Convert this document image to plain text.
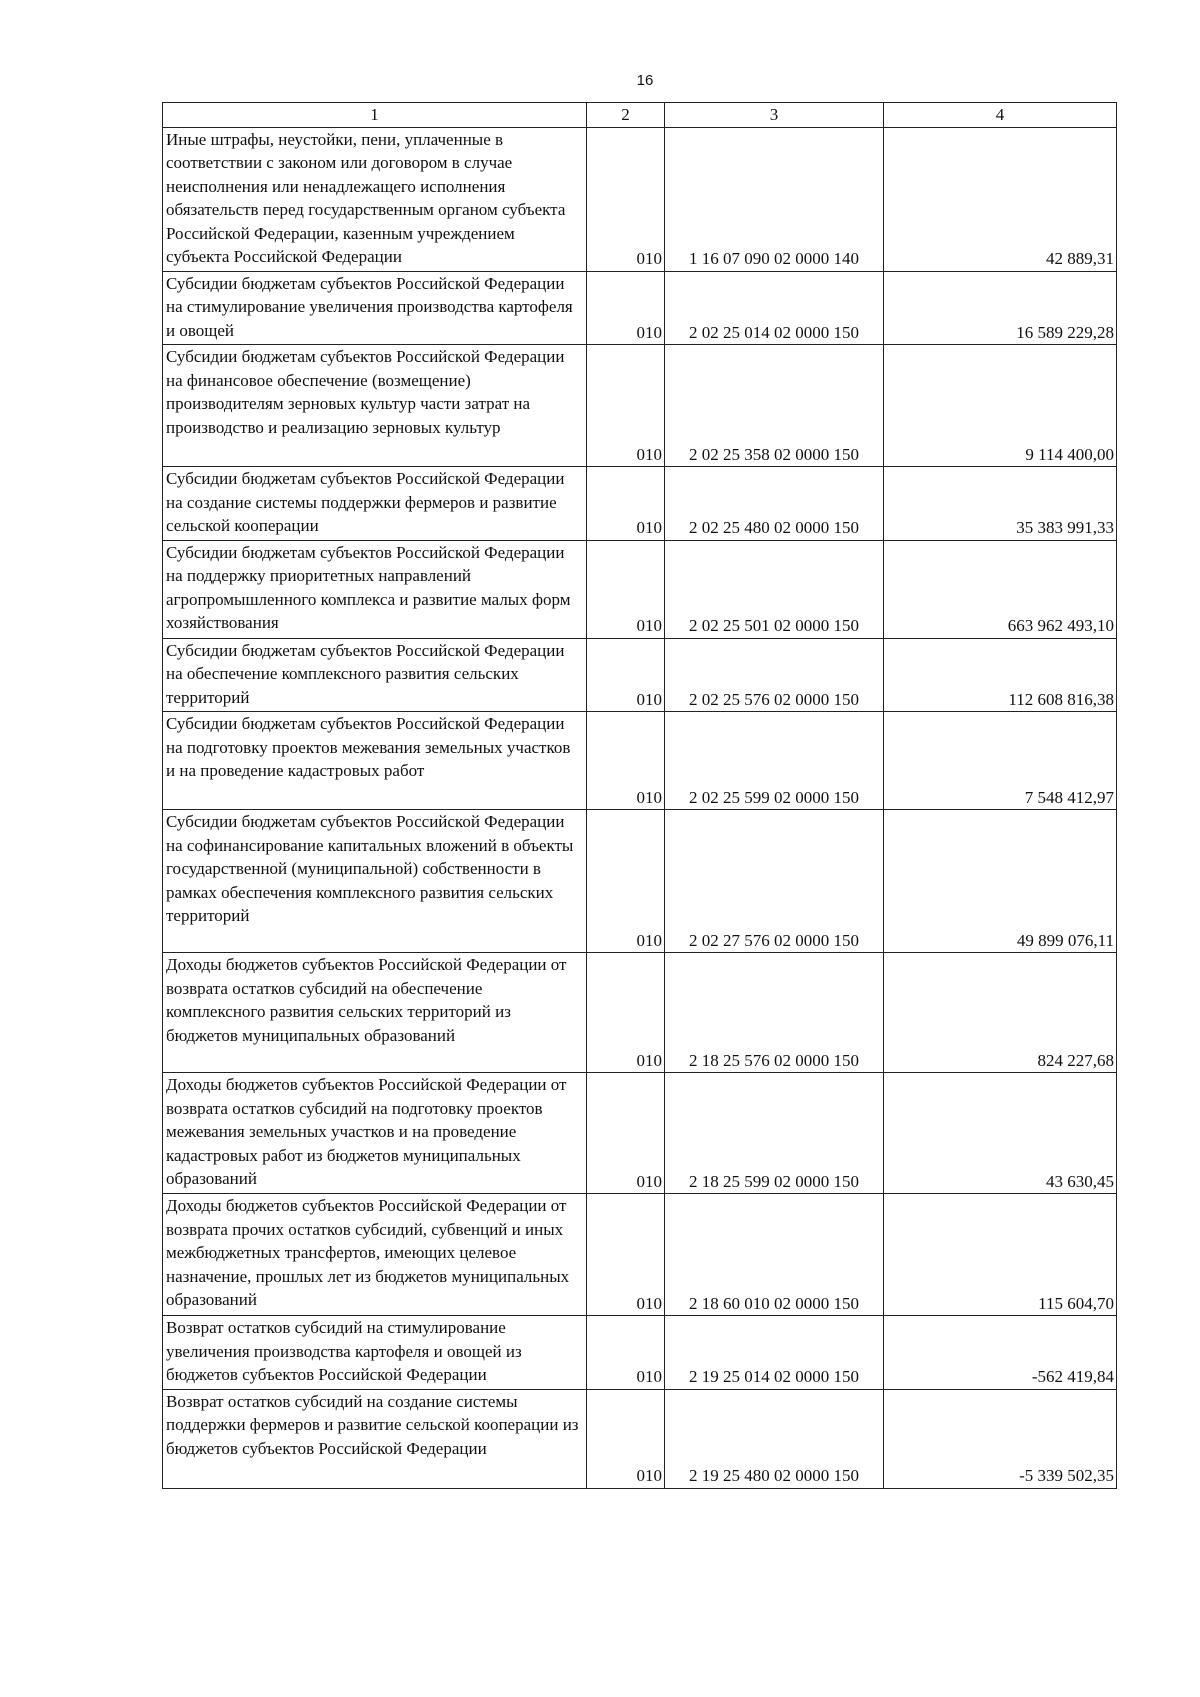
16
1	2	3	4
Иные штрафы, неустойки, пени, уплаченные в соответствии с законом или договором в случае неисполнения или ненадлежащего исполнения обязательств перед государственным органом субъекта Российской Федерации, казенным учреждением субъекта Российской Федерации	010	1 16 07 090 02 0000 140	42 889,31
Субсидии бюджетам субъектов Российской Федерации на стимулирование увеличения производства картофеля и овощей	010	2 02 25 014 02 0000 150	16 589 229,28
Субсидии бюджетам субъектов Российской Федерации на финансовое обеспечение (возмещение) производителям зерновых культур части затрат на производство и реализацию зерновых культур	010	2 02 25 358 02 0000 150	9 114 400,00
Субсидии бюджетам субъектов Российской Федерации на создание системы поддержки фермеров и развитие сельской кооперации	010	2 02 25 480 02 0000 150	35 383 991,33
Субсидии бюджетам субъектов Российской Федерации на поддержку приоритетных направлений агропромышленного комплекса и развитие малых форм хозяйствования	010	2 02 25 501 02 0000 150	663 962 493,10
Субсидии бюджетам субъектов Российской Федерации на обеспечение комплексного развития сельских территорий	010	2 02 25 576 02 0000 150	112 608 816,38
Субсидии бюджетам субъектов Российской Федерации на подготовку проектов межевания земельных участков и на проведение кадастровых работ	010	2 02 25 599 02 0000 150	7 548 412,97
Субсидии бюджетам субъектов Российской Федерации на софинансирование капитальных вложений в объекты государственной (муниципальной) собственности в рамках обеспечения комплексного развития сельских территорий	010	2 02 27 576 02 0000 150	49 899 076,11
Доходы бюджетов субъектов Российской Федерации от возврата остатков субсидий на обеспечение комплексного развития сельских территорий из бюджетов муниципальных образований	010	2 18 25 576 02 0000 150	824 227,68
Доходы бюджетов субъектов Российской Федерации от возврата остатков субсидий на подготовку проектов межевания земельных участков и на проведение кадастровых работ из бюджетов муниципальных образований	010	2 18 25 599 02 0000 150	43 630,45
Доходы бюджетов субъектов Российской Федерации от возврата прочих остатков субсидий, субвенций и иных межбюджетных трансфертов, имеющих целевое назначение, прошлых лет из бюджетов муниципальных образований	010	2 18 60 010 02 0000 150	115 604,70
Возврат остатков субсидий на стимулирование увеличения производства картофеля и овощей из бюджетов субъектов Российской Федерации	010	2 19 25 014 02 0000 150	-562 419,84
Возврат остатков субсидий на создание системы поддержки фермеров и развитие сельской кооперации из бюджетов субъектов Российской Федерации	010	2 19 25 480 02 0000 150	-5 339 502,35
